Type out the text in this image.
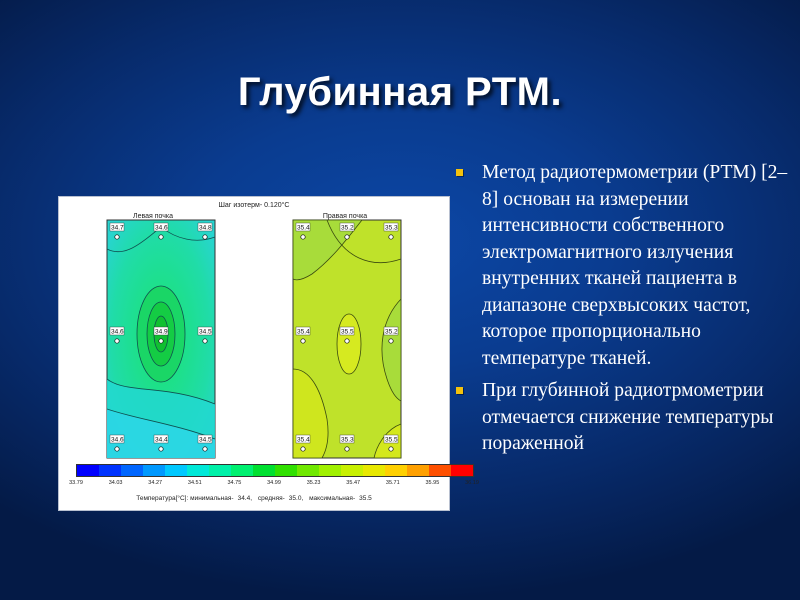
Глубинная РТМ.
Шаг изотерм- 0.120°С
Левая почка	Правая почка
34.7	34.6	34.8
34.6	34.9	34.5
34.6	34.4	34.5
35.4	35.2	35.3
35.4	35.5	35.2
35.4	35.3	35.5
33.79	34.03	34.27	34.51	34.75	34.99	35.23	35.47	35.71	35.95	36.19
Температура[°С]: минимальная- 34.4, средняя- 35.0, максимальная- 35.5
Метод радиотермометрии (РТМ) [2–8] основан на измерении интенсивности собственного электромагнитного излучения внутренних тканей пациента в диапазоне сверхвысоких частот, которое пропорционально температуре тканей.
При глубинной радиотрмометрии отмечается снижение температуры пораженной
